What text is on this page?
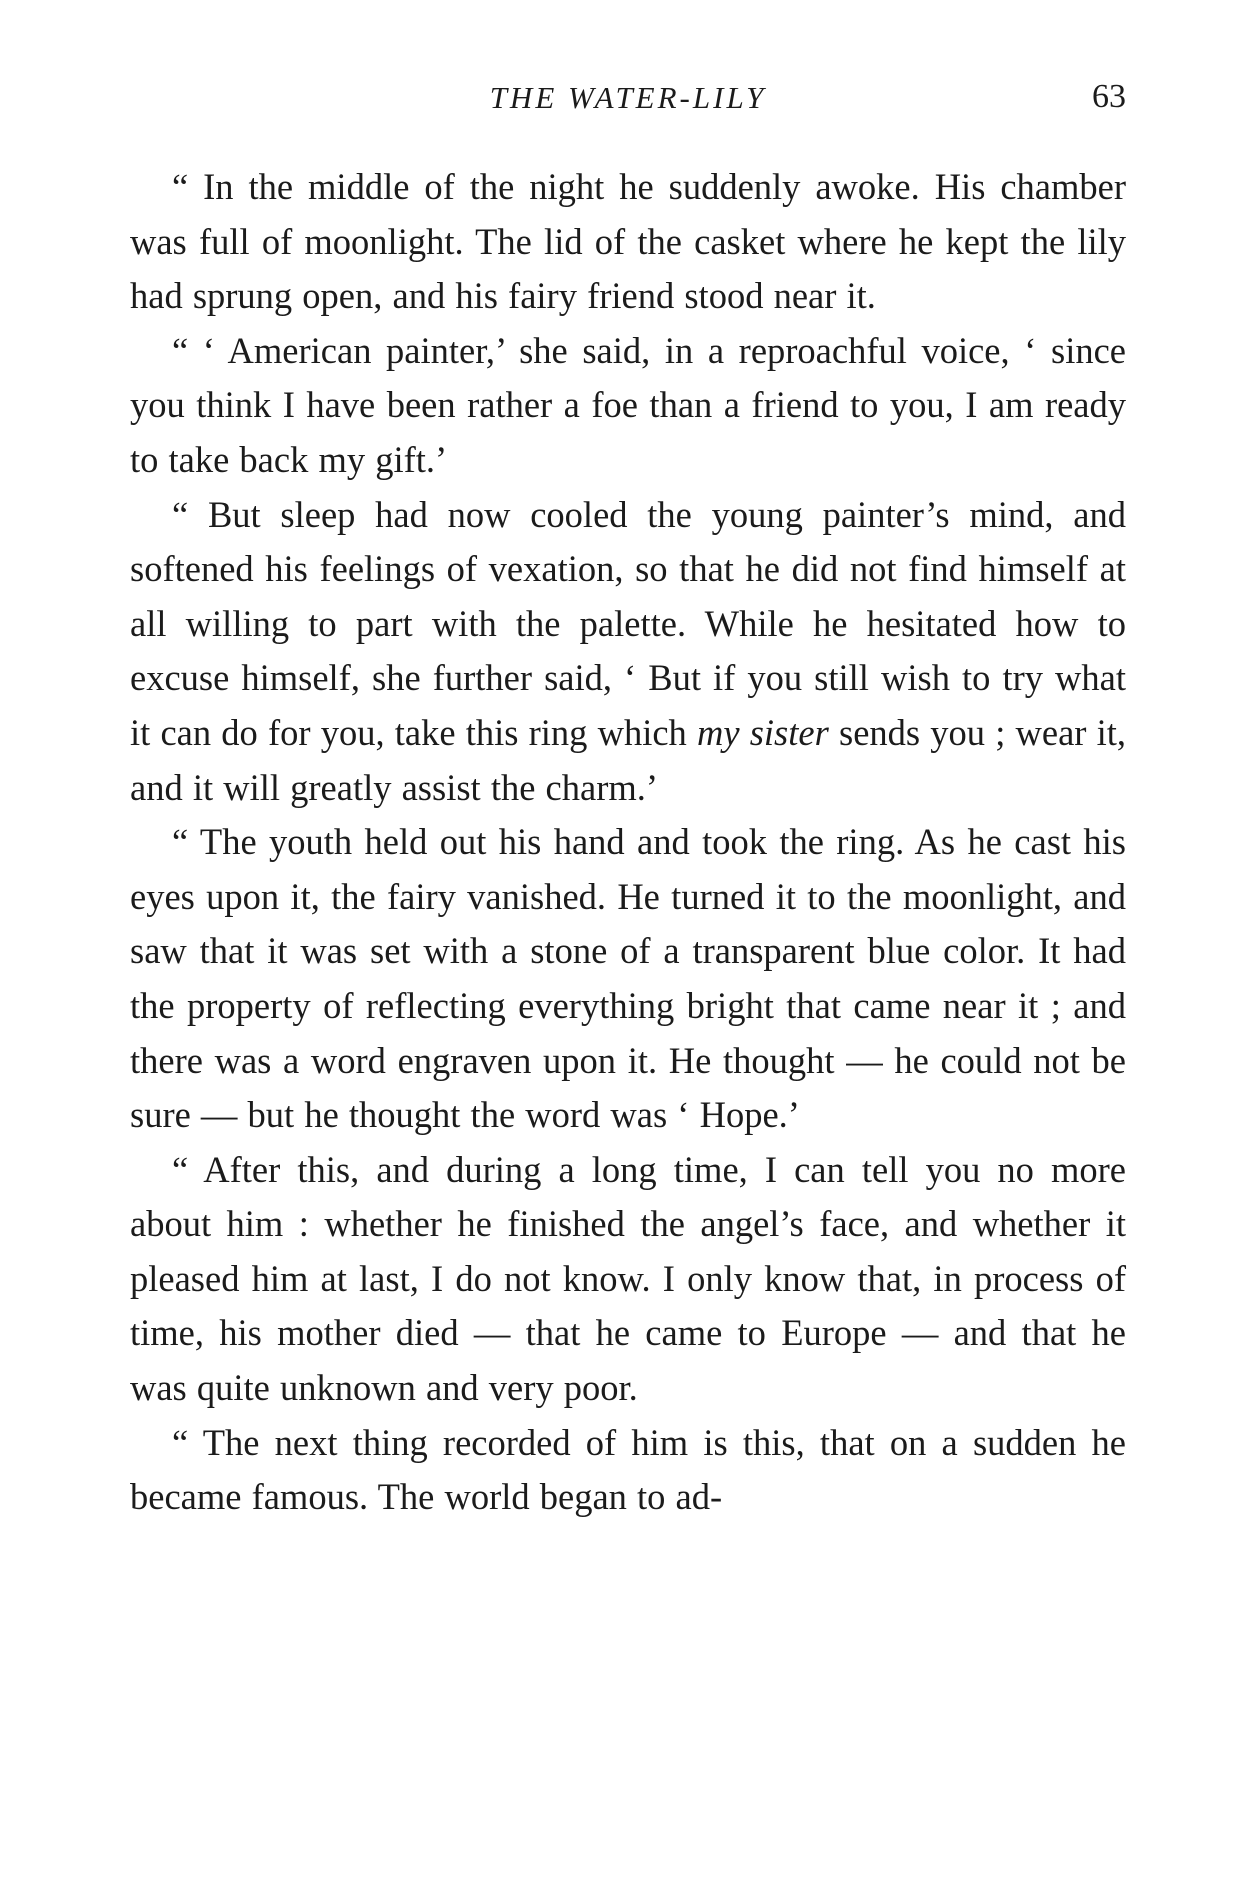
THE WATER-LILY	63

“ In the middle of the night he suddenly awoke. His chamber was full of moonlight. The lid of the casket where he kept the lily had sprung open, and his fairy friend stood near it.

“ ‘ American painter,’ she said, in a reproachful voice, ‘ since you think I have been rather a foe than a friend to you, I am ready to take back my gift.’

“ But sleep had now cooled the young painter’s mind, and softened his feelings of vexation, so that he did not find himself at all willing to part with the palette. While he hesitated how to excuse himself, she further said, ‘ But if you still wish to try what it can do for you, take this ring which my sister sends you ; wear it, and it will greatly assist the charm.’

“ The youth held out his hand and took the ring. As he cast his eyes upon it, the fairy vanished. He turned it to the moonlight, and saw that it was set with a stone of a transparent blue color. It had the property of reflecting everything bright that came near it ; and there was a word engraven upon it. He thought — he could not be sure — but he thought the word was ‘ Hope.’

“ After this, and during a long time, I can tell you no more about him : whether he finished the angel’s face, and whether it pleased him at last, I do not know. I only know that, in process of time, his mother died — that he came to Europe — and that he was quite unknown and very poor.

“ The next thing recorded of him is this, that on a sudden he became famous. The world began to ad-
